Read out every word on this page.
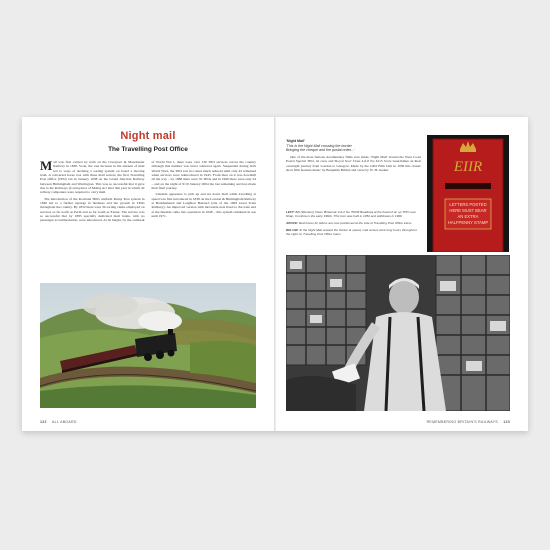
Night mail
The Travelling Post Office

Mail was first carried by train on the Liverpool & Manchester Railway in 1830. Soon, the vast increase in the amount of mail led to ways of devising a sorting system on board a moving train. A converted horse box with three mail sorters, the first Travelling Post Office (TPO) ran in January 1838 on the Grand Junction Railway between Birmingham and Warrington. This was so successful that it gave rise to the Railways (Conveyance of Mails) Act later that year in which all railway companies were required to carry mail.

The introduction of the Rowland Hill's uniform Penny Post system in 1840 led to a further upsurge in business and the growth in TPOs throughout the country. By 1852 there were 39 sorting clerks employed on services as far north as Perth and as far south as Exeter. The service was so successful that by 1885 specially dedicated mail trains, with no passenger accommodation, were introduced. At its height, by the outbreak of World War I, there were over 130 TPO services across the country although this number was never achieved again. Suspended during both World Wars, the TPO saw its routes much reduced until only 43 remained when services were reintroduced in 1945. From then on it was downhill all the way – by 1988 there were 35 TPOs and in 1990 there were only 24 – and on the night of 9/10 January 2004 the last remaining services made their final journey.

Lineside apparatus to pick up and set down mail while travelling at speed was first introduced in 1838 on the London & Birmingham Railway at Berkhamsted and Leighton Buzzard (site of the 1963 Great Train Robbery). An improved version with moveable nets fixed to the train and at the lineside came into operation in 1848 – this system remained in use until 1971.

122 ALL ABOARD
'Night Mail'
'This is the Night Mail crossing the border
Bringing the cheque and the postal order...'

One of the most famous documentary films ever made, 'Night Mail' starred the West Coast Postal Special TPO, its crew and 'Royal Scot' Class 4-6-0 No 6115 Scots Guardsman on their overnight journey from London to Glasgow. Made by the GPO Film Unit in 1936 this classic short film features music by Benjamin Britten and verse by W. H. Auden.

LEFT: BR (Western) Class 'Britannia' 4-6-2 No 70036 Boadicea at the head of an up TPO near Shap, Cumbria in the early 1960s. This loco was built in 1952 and withdrawn in 1966.

ABOVE: Red boxes for letters are now positioned at the side of Travelling Post Office trains.

BELOW: At the Night Mail onward the border at speed, mail sorters work long hours throughout the night on Travelling Post Office trains.

EIIR
LETTERS POSTED
HERE MUST BEAR
AN EXTRA
HALFPENNY STAMP
REMEMBERING BRITAIN'S RAILWAYS 123
